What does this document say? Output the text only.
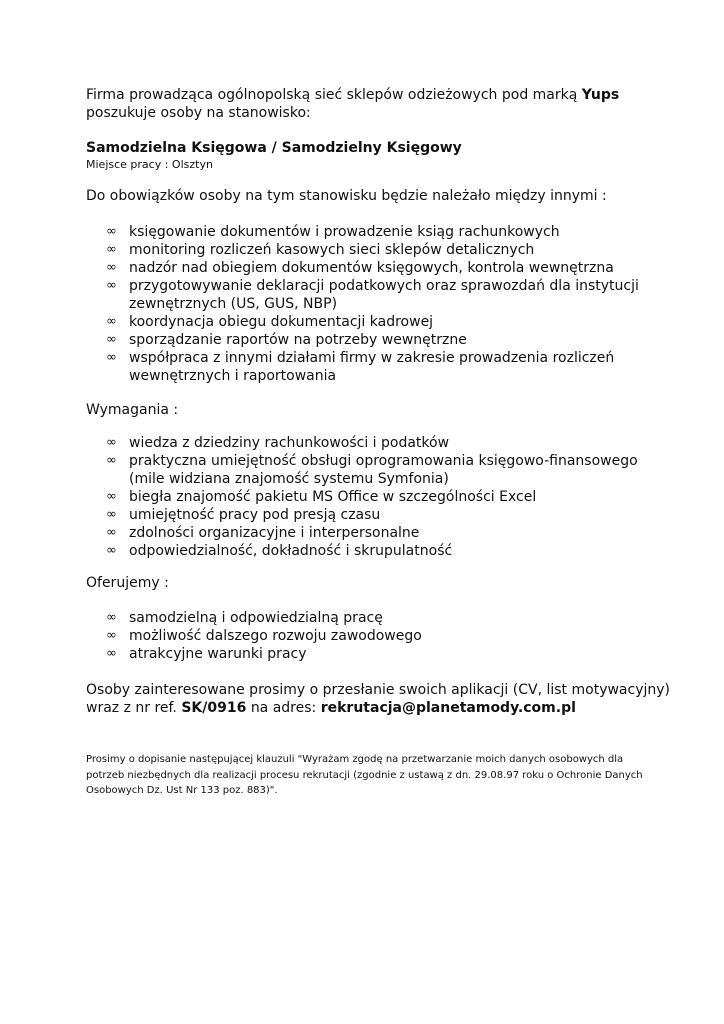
Firma prowadząca ogólnopolską sieć sklepów odzieżowych pod marką Yups
poszukuje osoby na stanowisko:

Samodzielna Księgowa / Samodzielny Księgowy

Miejsce pracy : Olsztyn

Do obowiązków osoby na tym stanowisku będzie należało między innymi :

∞ księgowanie dokumentów i prowadzenie ksiąg rachunkowych
∞ monitoring rozliczeń kasowych sieci sklepów detalicznych
∞ nadzór nad obiegiem dokumentów księgowych, kontrola wewnętrzna
∞ przygotowywanie deklaracji podatkowych oraz sprawozdań dla instytucji zewnętrznych (US, GUS, NBP)
∞ koordynacja obiegu dokumentacji kadrowej
∞ sporządzanie raportów na potrzeby wewnętrzne
∞ współpraca z innymi działami firmy w zakresie prowadzenia rozliczeń wewnętrznych i raportowania

Wymagania :

∞ wiedza z dziedziny rachunkowości i podatków
∞ praktyczna umiejętność obsługi oprogramowania księgowo-finansowego (mile widziana znajomość systemu Symfonia)
∞ biegła znajomość pakietu MS Office w szczególności Excel
∞ umiejętność pracy pod presją czasu
∞ zdolności organizacyjne i interpersonalne
∞ odpowiedzialność, dokładność i skrupulatność

Oferujemy :

∞ samodzielną i odpowiedzialną pracę
∞ możliwość dalszego rozwoju zawodowego
∞ atrakcyjne warunki pracy

Osoby zainteresowane prosimy o przesłanie swoich aplikacji (CV, list motywacyjny)
wraz z nr ref. SK/0916 na adres: rekrutacja@planetamody.com.pl

Prosimy o dopisanie następującej klauzuli "Wyrażam zgodę na przetwarzanie moich danych osobowych dla potrzeb niezbędnych dla realizacji procesu rekrutacji (zgodnie z ustawą z dn. 29.08.97 roku o Ochronie Danych Osobowych Dz. Ust Nr 133 poz. 883)".
